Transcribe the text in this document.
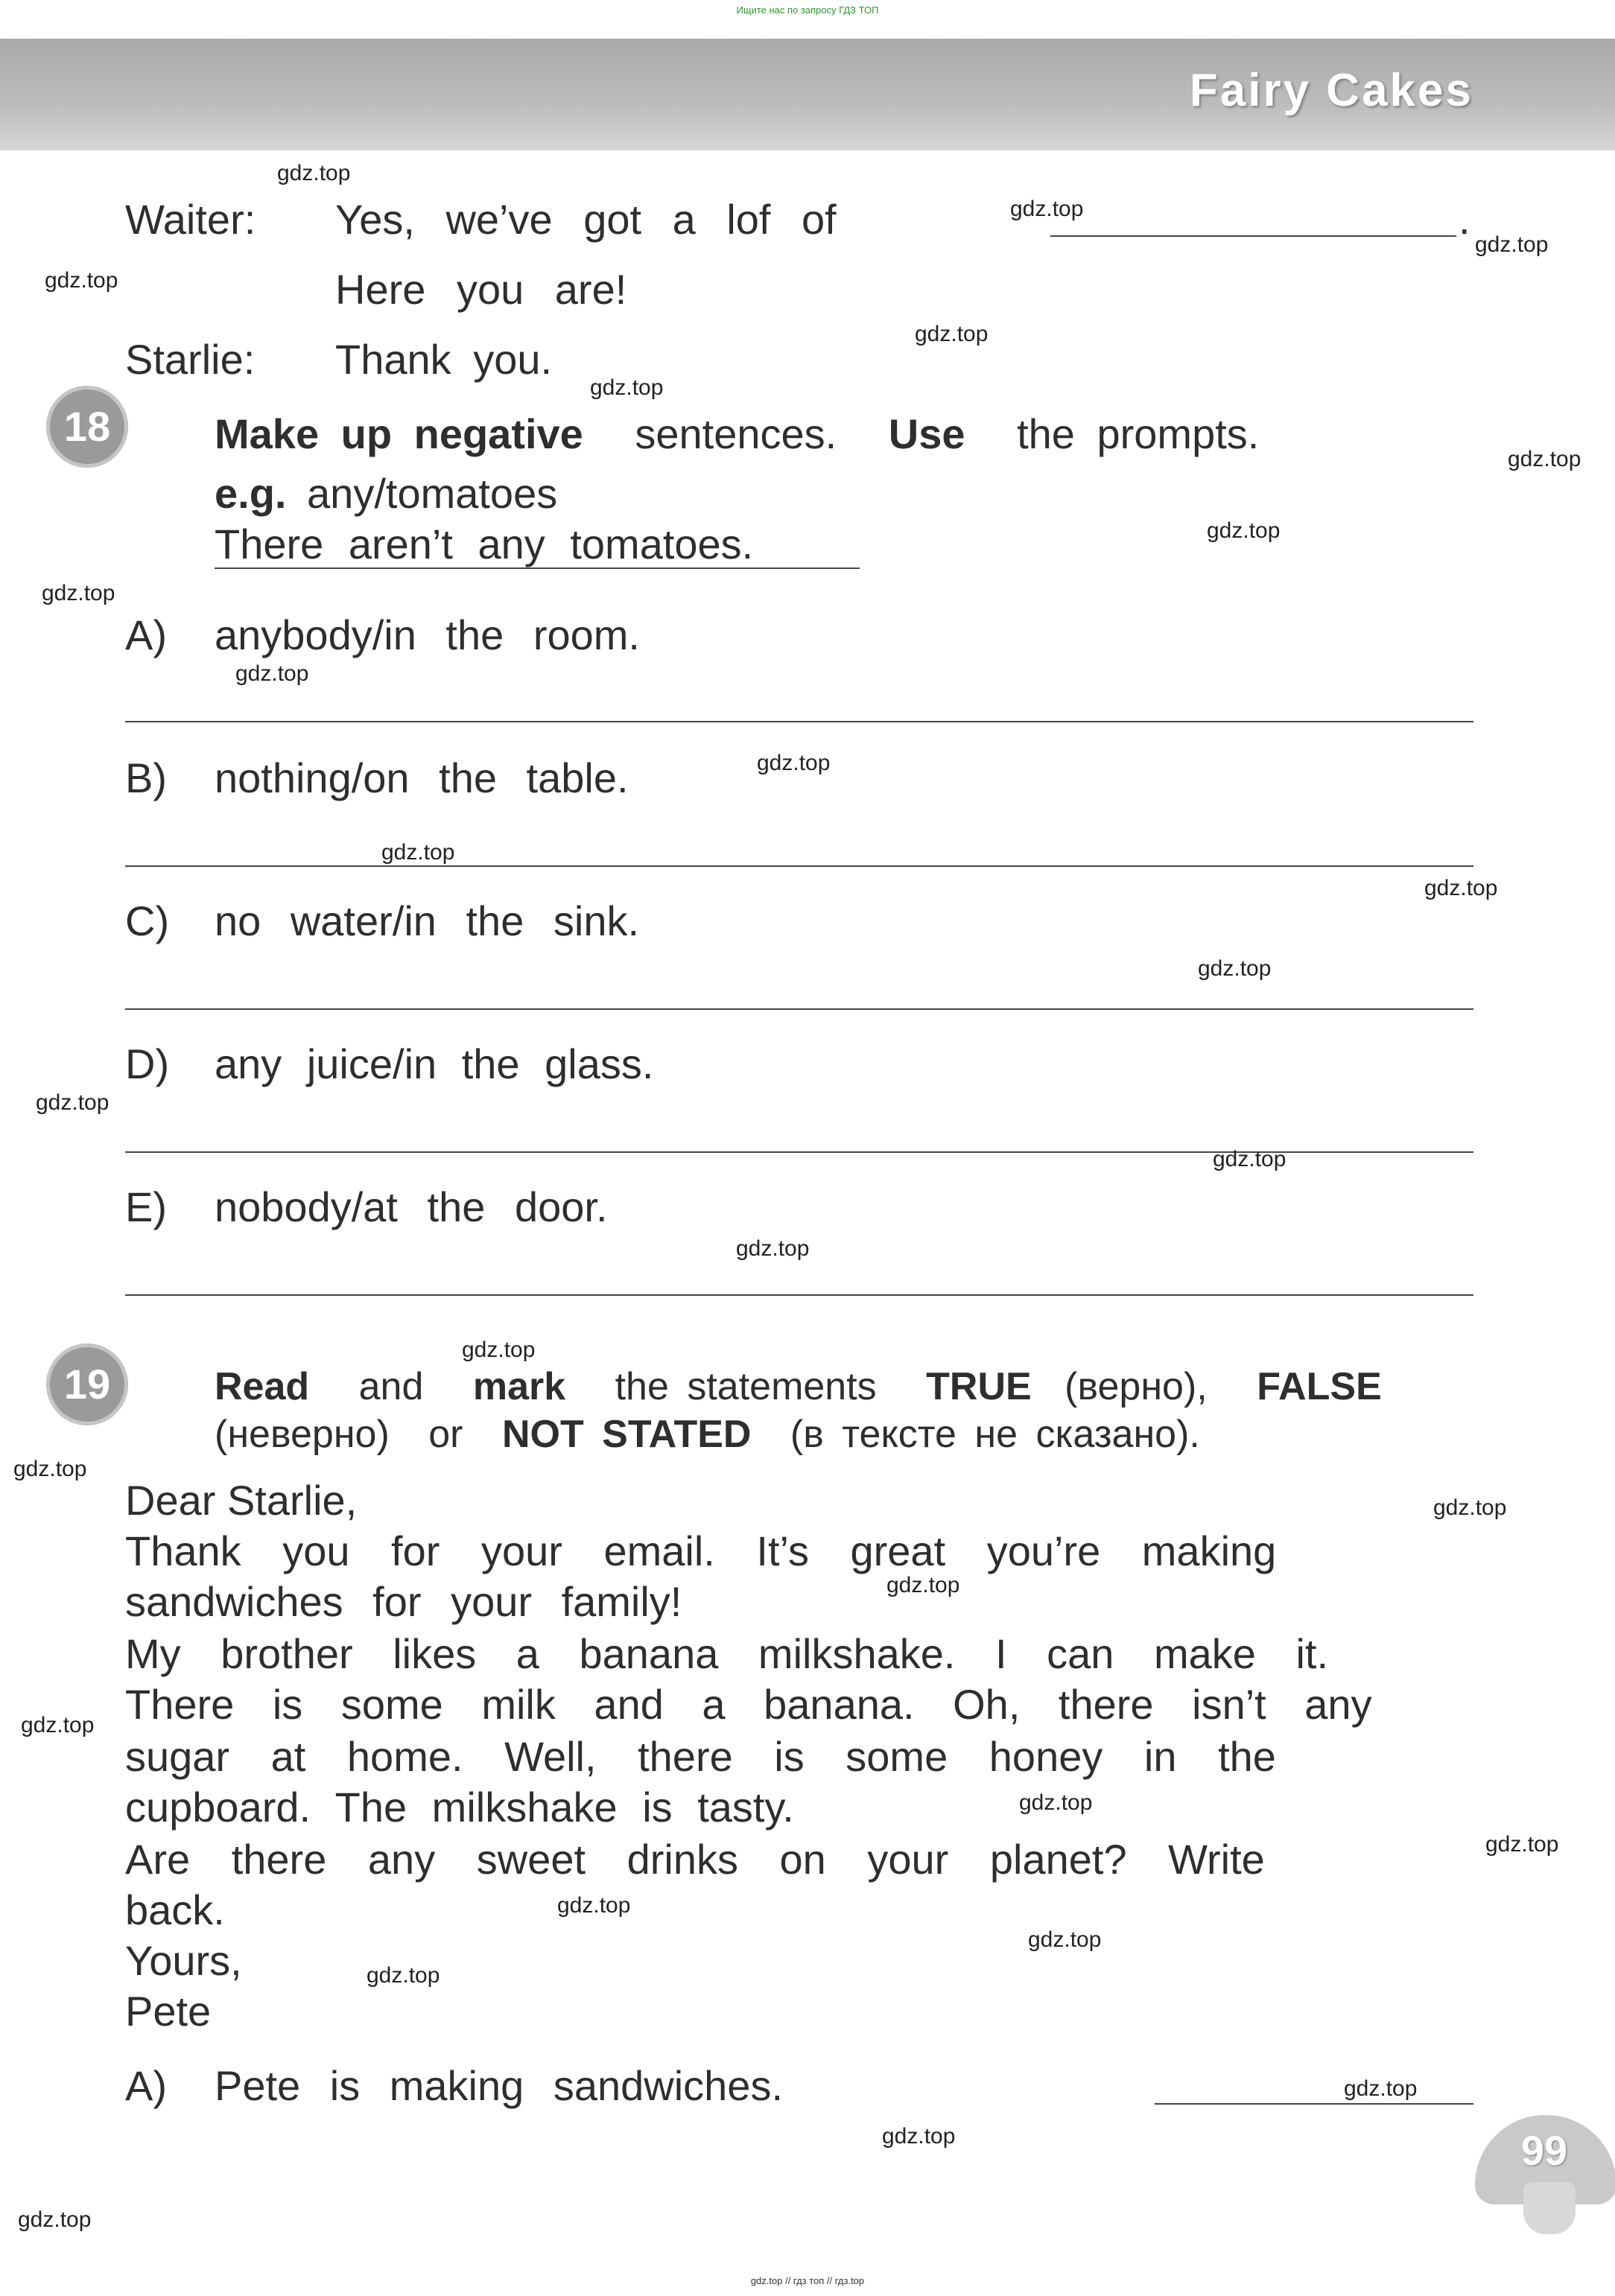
Ищите нас по запросу ГДЗ ТОП
Fairy Cakes
Waiter: Yes, we’ve got a lof of	.
Here you are!
Starlie: Thank you.
18	Make up negative sentences. Use the prompts.
e.g. any/tomatoes
There aren’t any tomatoes.
A) anybody/in the room.
B) nothing/on the table.
C) no water/in the sink.
D) any juice/in the glass.
E) nobody/at the door.
19	Read and mark the statements TRUE (верно), FALSE
(неверно) or NOT STATED (в тексте не сказано).
Dear Starlie,
Thank you for your email. It’s great you’re making
sandwiches for your family!
My brother likes a banana milkshake. I can make it.
There is some milk and a banana. Oh, there isn’t any
sugar at home. Well, there is some honey in the
cupboard. The milkshake is tasty.
Are there any sweet drinks on your planet? Write
back.
Yours,
Pete
A) Pete is making sandwiches.
99
gdz.top
gdz.top
gdz.top
gdz.top
gdz.top
gdz.top
gdz.top
gdz.top
gdz.top
gdz.top
gdz.top
gdz.top
gdz.top
gdz.top
gdz.top
gdz.top
gdz.top
gdz.top
gdz.top
gdz.top
gdz.top
gdz.top
gdz.top
gdz.top
gdz.top
gdz.top
gdz.top
gdz.top
gdz.top
gdz.top
gdz.top // гдз топ // гдз.top
